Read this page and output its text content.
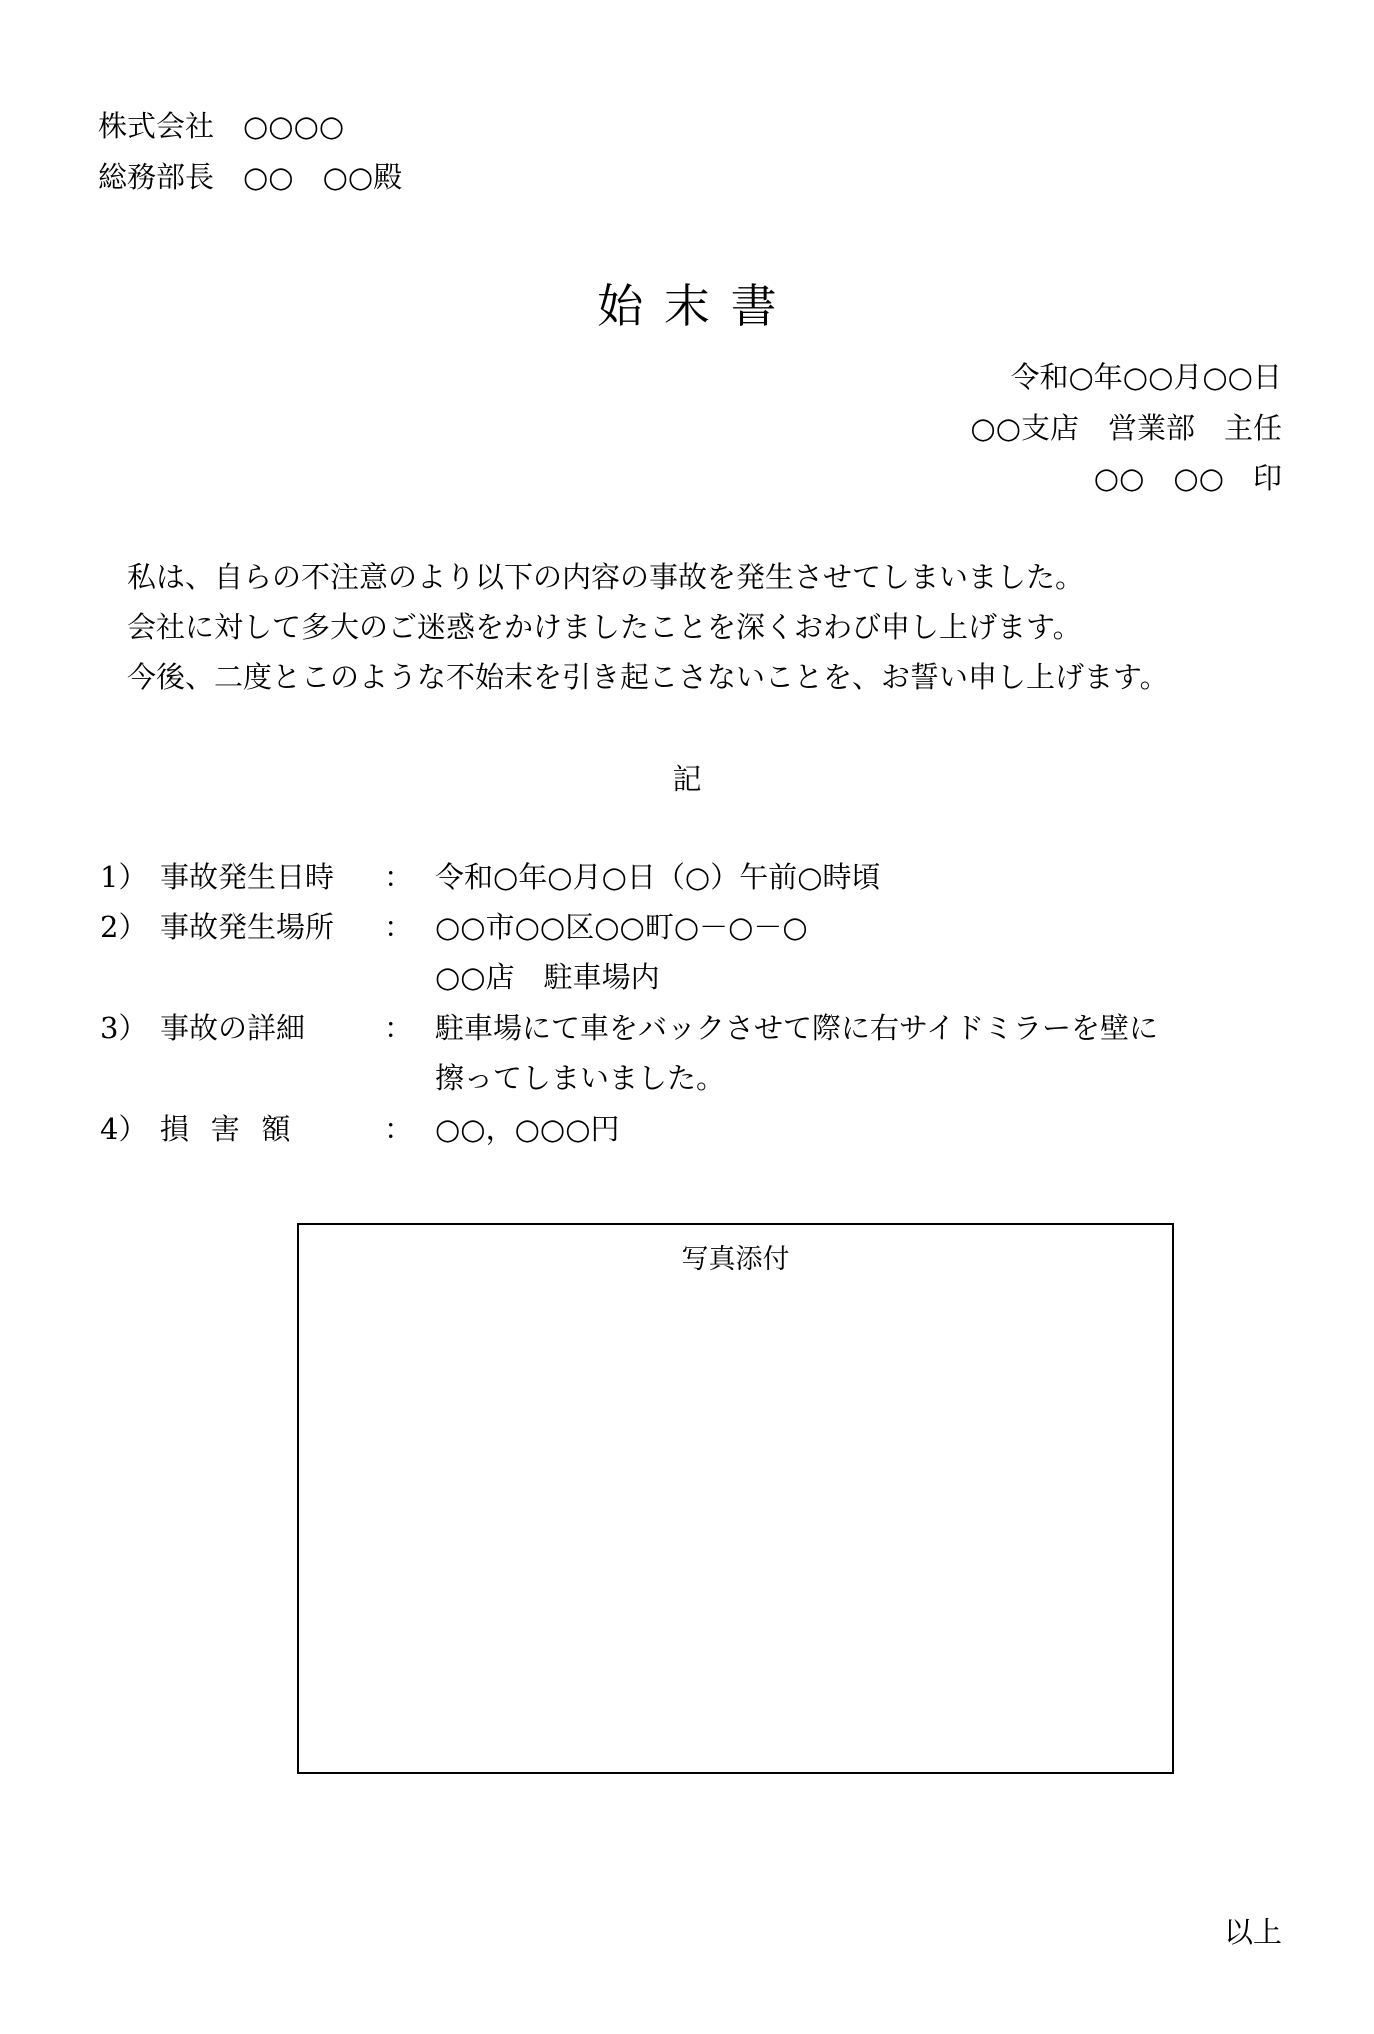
株式会社　○○○○
総務部長　○○　○○殿
始末書
令和○年○○月○○日
○○支店　営業部　主任
○○　○○　印
私は、自らの不注意のより以下の内容の事故を発生させてしまいました。
会社に対して多大のご迷惑をかけましたことを深くおわび申し上げます。
今後、二度とこのような不始末を引き起こさないことを、お誓い申し上げます。
記
1） 事故発生日時 ： 令和○年○月○日（○）午前○時頃
2） 事故発生場所 ： ○○市○○区○○町○－○－○
○○店　駐車場内
3） 事故の詳細	： 駐車場にて車をバックさせて際に右サイドミラーを壁に
擦ってしまいました。
4） 損害額 ： ○○，○○○円
写真添付
以上
